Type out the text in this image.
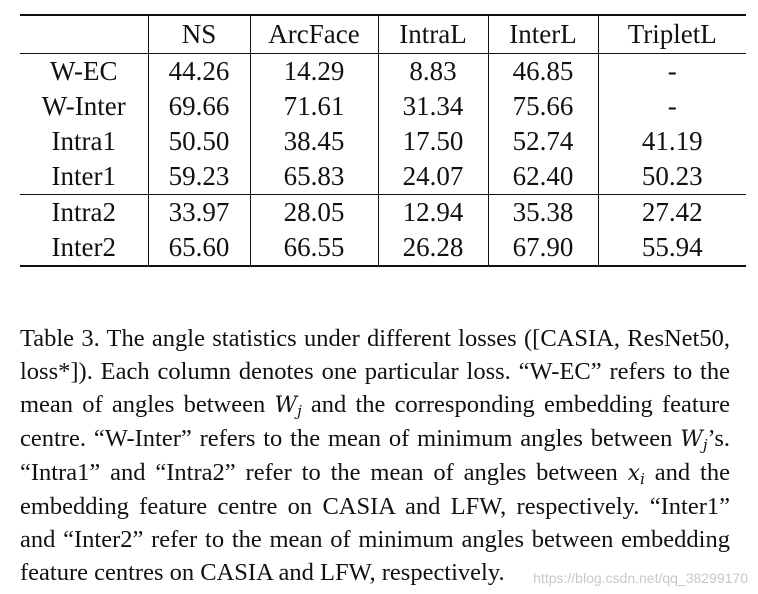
	NS	ArcFace	IntraL	InterL	TripletL
W-EC	44.26	14.29	8.83	46.85	-
W-Inter	69.66	71.61	31.34	75.66	-
Intra1	50.50	38.45	17.50	52.74	41.19
Inter1	59.23	65.83	24.07	62.40	50.23
Intra2	33.97	28.05	12.94	35.38	27.42
Inter2	65.60	66.55	26.28	67.90	55.94

Table 3. The angle statistics under different losses ([CASIA, ResNet50, loss*]). Each column denotes one particular loss. “W-EC” refers to the mean of angles between $W_j$ and the corresponding embedding feature centre. “W-Inter” refers to the mean of minimum angles between $W_j’s$. “Intra1” and “Intra2” refer to the mean of angles between $x_i$ and the embedding feature centre on CASIA and LFW, respectively. “Inter1” and “Inter2” refer to the mean of minimum angles between embedding feature centres on CASIA and LFW, respectively.	https://blog.csdn.net/qq_38299170
